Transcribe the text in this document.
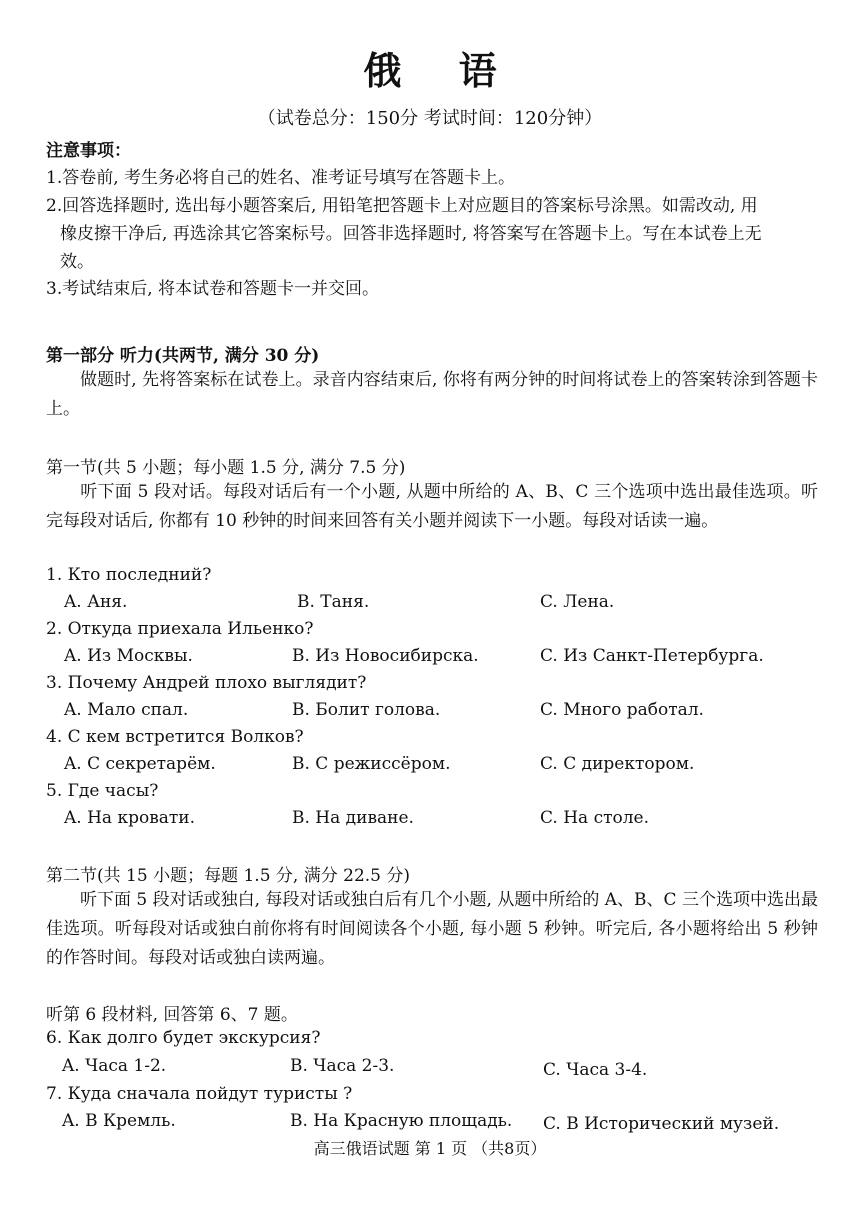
俄 语
（试卷总分：150分 考试时间：120分钟）
注意事项：
1.答卷前, 考生务必将自己的姓名、准考证号填写在答题卡上。
2.回答选择题时, 选出每小题答案后, 用铅笔把答题卡上对应题目的答案标号涂黑。如需改动, 用
橡皮擦干净后, 再选涂其它答案标号。回答非选择题时, 将答案写在答题卡上。写在本试卷上无
效。
3.考试结束后, 将本试卷和答题卡一并交回。
第一部分 听力(共两节, 满分 30 分)
做题时, 先将答案标在试卷上。录音内容结束后, 你将有两分钟的时间将试卷上的答案转涂到答题卡上。
第一节(共 5 小题；每小题 1.5 分, 满分 7.5 分)
听下面 5 段对话。每段对话后有一个小题, 从题中所给的 A、B、C 三个选项中选出最佳选项。听完每段对话后, 你都有 10 秒钟的时间来回答有关小题并阅读下一小题。每段对话读一遍。
1. Кто последний?
A. Аня.	B. Таня.	C. Лена.
2. Откуда приехала Ильенко?
A. Из Москвы.	B. Из Новосибирска.	C. Из Санкт-Петербурга.
3. Почему Андрей плохо выглядит?
A. Мало спал.	B. Болит голова.	C. Много работал.
4. С кем встретится Волков?
A. С секретарём.	B. С режиссёром.	C. С директором.
5. Где часы?
A. На кровати.	B. На диване.	C. На столе.
第二节(共 15 小题；每题 1.5 分, 满分 22.5 分)
听下面 5 段对话或独白, 每段对话或独白后有几个小题, 从题中所给的 A、B、C 三个选项中选出最佳选项。听每段对话或独白前你将有时间阅读各个小题, 每小题 5 秒钟。听完后, 各小题将给出 5 秒钟的作答时间。每段对话或独白读两遍。
听第 6 段材料, 回答第 6、7 题。
6. Как долго будет экскурсия?
A. Часа 1-2.	B. Часа 2-3.	C. Часа 3-4.
7. Куда сначала пойдут туристы ?
A. В Кремль.	B. На Красную площадь. C. В Исторический музей.
高三俄语试题 第 1 页 （共8页）
